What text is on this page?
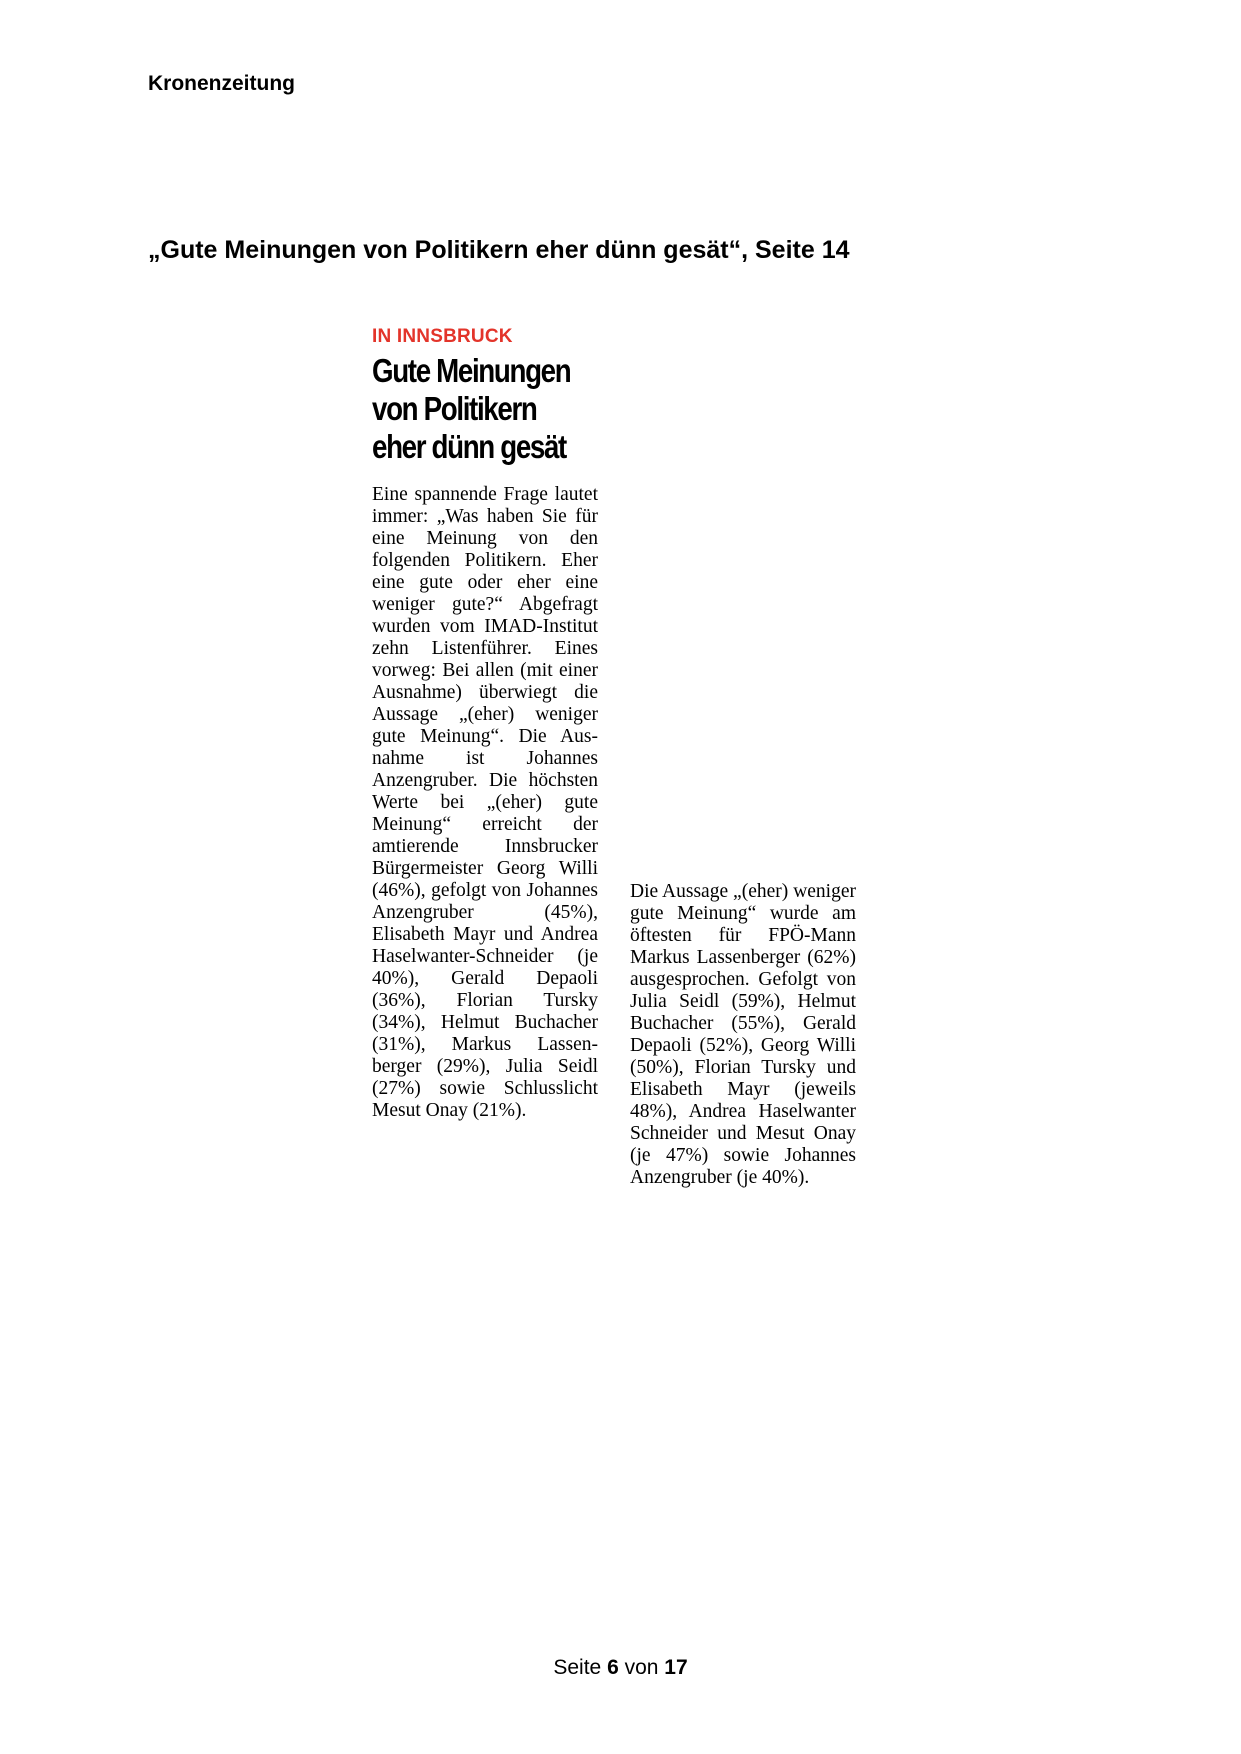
Kronenzeitung
„Gute Meinungen von Politikern eher dünn gesät“, Seite 14
IN INNSBRUCK
Gute Meinungen
von Politikern
eher dünn gesät

Eine spannende Frage lautet immer: „Was haben Sie für eine Meinung von den folgenden Politikern. Eher eine gute oder eher eine weniger gute?“ Abgefragt wurden vom IMAD-Institut zehn Listenführer. Eines vorweg: Bei allen (mit einer Ausnahme) überwiegt die Aussage „(eher) weniger gute Meinung“. Die Ausnahme ist Johannes Anzengruber. Die höchsten Werte bei „(eher) gute Meinung“ erreicht der amtierende Innsbrucker Bürgermeister Georg Willi (46%), gefolgt von Johannes Anzengruber (45%), Elisabeth Mayr und Andrea Haselwanter-Schneider (je 40%), Gerald Depaoli (36%), Florian Tursky (34%), Helmut Buchacher (31%), Markus Lassenberger (29%), Julia Seidl (27%) sowie Schlusslicht Mesut Onay (21%).

Die Aussage „(eher) weniger gute Meinung“ wurde am öftesten für FPÖ-Mann Markus Lassenberger (62%) ausgesprochen. Gefolgt von Julia Seidl (59%), Helmut Buchacher (55%), Gerald Depaoli (52%), Georg Willi (50%), Florian Tursky und Elisabeth Mayr (jeweils 48%), Andrea Haselwanter Schneider und Mesut Onay (je 47%) sowie Johannes Anzengruber (je 40%).

Seite 6 von 17
